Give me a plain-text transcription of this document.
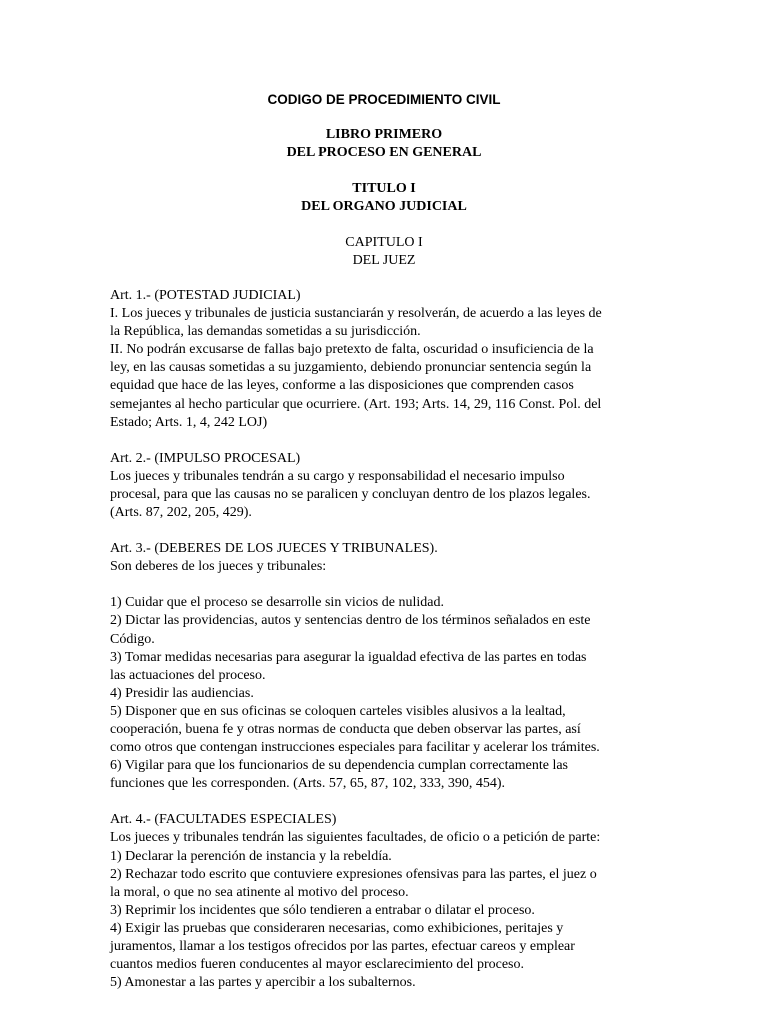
CODIGO DE PROCEDIMIENTO CIVIL
LIBRO PRIMERO
DEL PROCESO EN GENERAL
TITULO I
DEL ORGANO JUDICIAL
CAPITULO I
DEL JUEZ

Art. 1.- (POTESTAD JUDICIAL)

I. Los jueces y tribunales de justicia sustanciarán y resolverán, de acuerdo a las leyes de

la República, las demandas sometidas a su jurisdicción.

II. No podrán excusarse de fallas bajo pretexto de falta, oscuridad o insuficiencia de la

ley, en las causas sometidas a su juzgamiento, debiendo pronunciar sentencia según la

equidad que hace de las leyes, conforme a las disposiciones que comprenden casos

semejantes al hecho particular que ocurriere. (Art. 193; Arts. 14, 29, 116 Const. Pol. del

Estado; Arts. 1, 4, 242 LOJ)

Art. 2.- (IMPULSO PROCESAL)

Los jueces y tribunales tendrán a su cargo y responsabilidad el necesario impulso

procesal, para que las causas no se paralicen y concluyan dentro de los plazos legales.

(Arts. 87, 202, 205, 429).

Art. 3.- (DEBERES DE LOS JUECES Y TRIBUNALES).

Son deberes de los jueces y tribunales:

1) Cuidar que el proceso se desarrolle sin vicios de nulidad.

2) Dictar las providencias, autos y sentencias dentro de los términos señalados en este

Código.

3) Tomar medidas necesarias para asegurar la igualdad efectiva de las partes en todas

las actuaciones del proceso.

4) Presidir las audiencias.

5) Disponer que en sus oficinas se coloquen carteles visibles alusivos a la lealtad,

cooperación, buena fe y otras normas de conducta que deben observar las partes, así

como otros que contengan instrucciones especiales para facilitar y acelerar los trámites.

6) Vigilar para que los funcionarios de su dependencia cumplan correctamente las

funciones que les corresponden. (Arts. 57, 65, 87, 102, 333, 390, 454).

Art. 4.- (FACULTADES ESPECIALES)

Los jueces y tribunales tendrán las siguientes facultades, de oficio o a petición de parte:

1) Declarar la perención de instancia y la rebeldía.

2) Rechazar todo escrito que contuviere expresiones ofensivas para las partes, el juez o

la moral, o que no sea atinente al motivo del proceso.

3) Reprimir los incidentes que sólo tendieren a entrabar o dilatar el proceso.

4) Exigir las pruebas que consideraren necesarias, como exhibiciones, peritajes y

juramentos, llamar a los testigos ofrecidos por las partes, efectuar careos y emplear

cuantos medios fueren conducentes al mayor esclarecimiento del proceso.

5) Amonestar a las partes y apercibir a los subalternos.
